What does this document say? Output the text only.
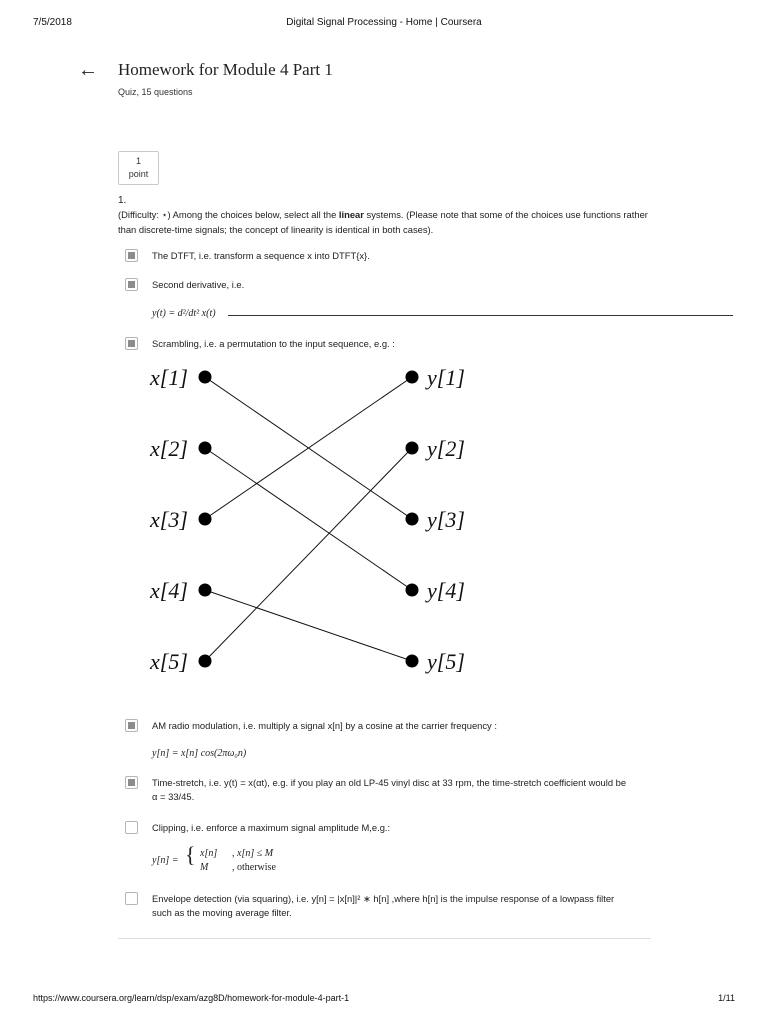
7/5/2018	Digital Signal Processing - Home | Coursera
← Homework for Module 4 Part 1
Quiz, 15 questions
1
point
1.
(Difficulty: ⋆) Among the choices below, select all the linear systems. (Please note that some of the choices use functions rather than discrete-time signals; the concept of linearity is identical in both cases).
The DTFT, i.e. transform a sequence x into DTFT{x}.
Second derivative, i.e.
y(t) = d²/dt² x(t)
Scrambling, i.e. a permutation to the input sequence, e.g. :
x[1]
x[2]
x[3]
x[4]
x[5]
y[1]
y[2]
y[3]
y[4]
y[5]
AM radio modulation, i.e. multiply a signal x[n] by a cosine at the carrier frequency :
y[n] = x[n] cos(2πω₀n)
Time-stretch, i.e. y(t) = x(αt), e.g. if you play an old LP-45 vinyl disc at 33 rpm, the time-stretch coefficient would be α = 33/45.
Clipping, i.e. enforce a maximum signal amplitude M,e.g.:
y[n] = { x[n] , x[n] ≤ M
M , otherwise
Envelope detection (via squaring), i.e. y[n] = |x[n]|² ∗ h[n] ,where h[n] is the impulse response of a lowpass filter such as the moving average filter.
https://www.coursera.org/learn/dsp/exam/azg8D/homework-for-module-4-part-1	1/11
